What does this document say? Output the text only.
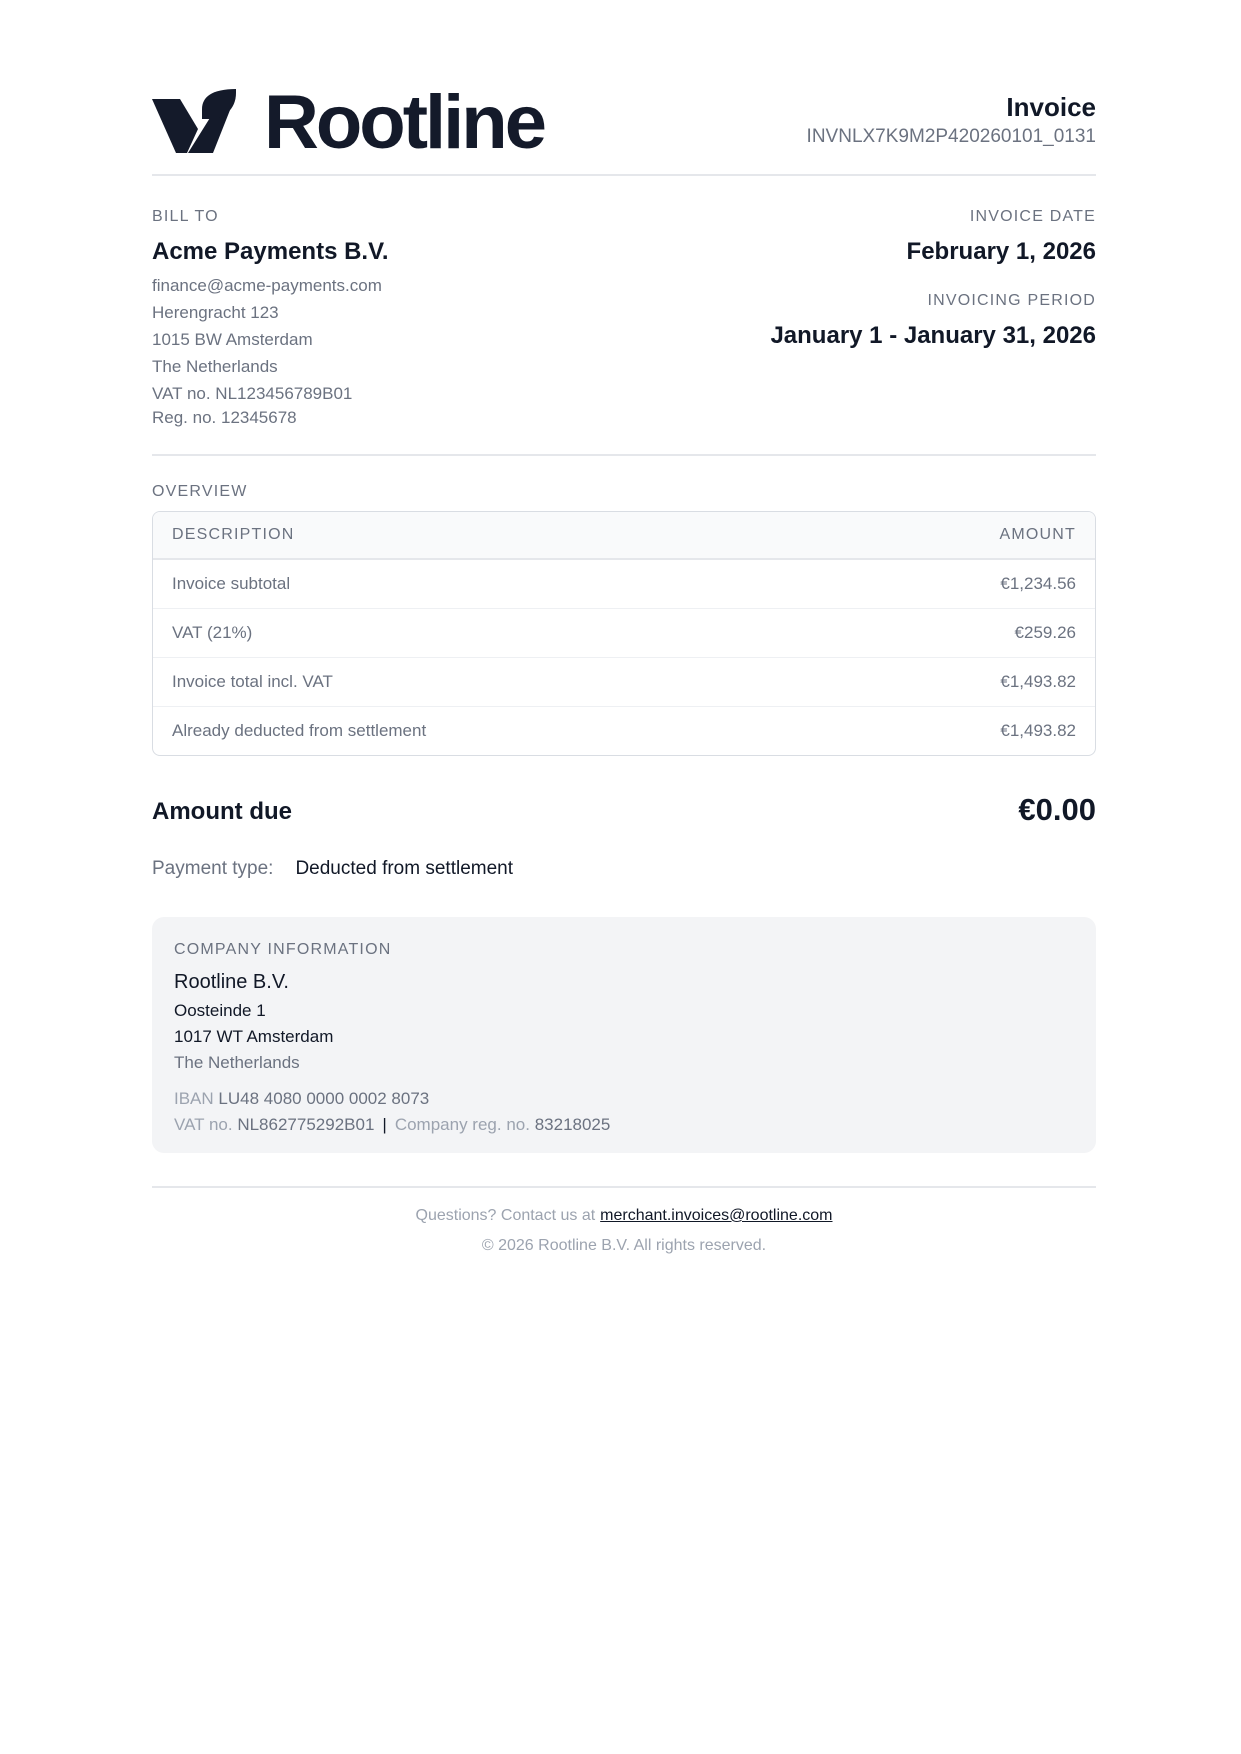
Rootline	Invoice
INVNLX7K9M2P420260101_0131
BILL TO
Acme Payments B.V.
finance@acme-payments.com
Herengracht 123
1015 BW Amsterdam
The Netherlands
VAT no. NL123456789B01
Reg. no. 12345678
INVOICE DATE
February 1, 2026
INVOICING PERIOD
January 1 - January 31, 2026
OVERVIEW
DESCRIPTION	AMOUNT
Invoice subtotal	€1,234.56
VAT (21%)	€259.26
Invoice total incl. VAT	€1,493.82
Already deducted from settlement	€1,493.82
Amount due	€0.00
Payment type: Deducted from settlement
COMPANY INFORMATION
Rootline B.V.
Oosteinde 1
1017 WT Amsterdam
The Netherlands
IBAN LU48 4080 0000 0002 8073
VAT no. NL862775292B01 | Company reg. no. 83218025
Questions? Contact us at merchant.invoices@rootline.com
© 2026 Rootline B.V. All rights reserved.
